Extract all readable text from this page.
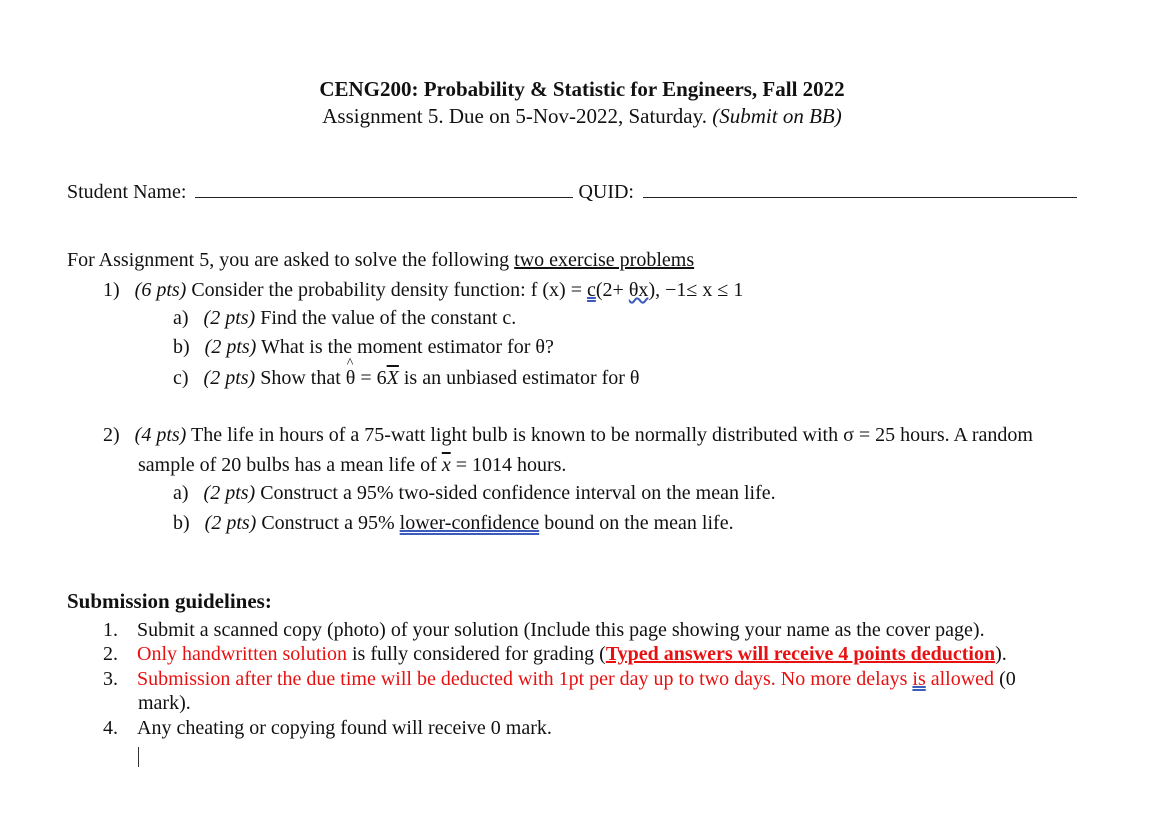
CENG200: Probability & Statistic for Engineers, Fall 2022
Assignment 5. Due on 5-Nov-2022, Saturday. (Submit on BB)
Student Name:	QUID:
For Assignment 5, you are asked to solve the following two exercise problems
1) (6 pts) Consider the probability density function: f (x) = c(2+ θx), −1≤ x ≤ 1
a) (2 pts) Find the value of the constant c.
b) (2 pts) What is the moment estimator for θ?
c) (2 pts) Show that ^ $\theta = 6\overline{X}$ is an unbiased estimator for θ
2) (4 pts) The life in hours of a 75-watt light bulb is known to be normally distributed with σ = 25 hours. A random
sample of 20 bulbs has a mean life of $\overline{x} = 1014$ hours.
a) (2 pts) Construct a 95% two-sided confidence interval on the mean life.
b) (2 pts) Construct a 95% lower-confidence bound on the mean life.
Submission guidelines:
1. Submit a scanned copy (photo) of your solution (Include this page showing your name as the cover page).
2. Only handwritten solution is fully considered for grading (Typed answers will receive 4 points deduction).
3. Submission after the due time will be deducted with 1pt per day up to two days. No more delays is allowed (0
mark).
4. Any cheating or copying found will receive 0 mark.
